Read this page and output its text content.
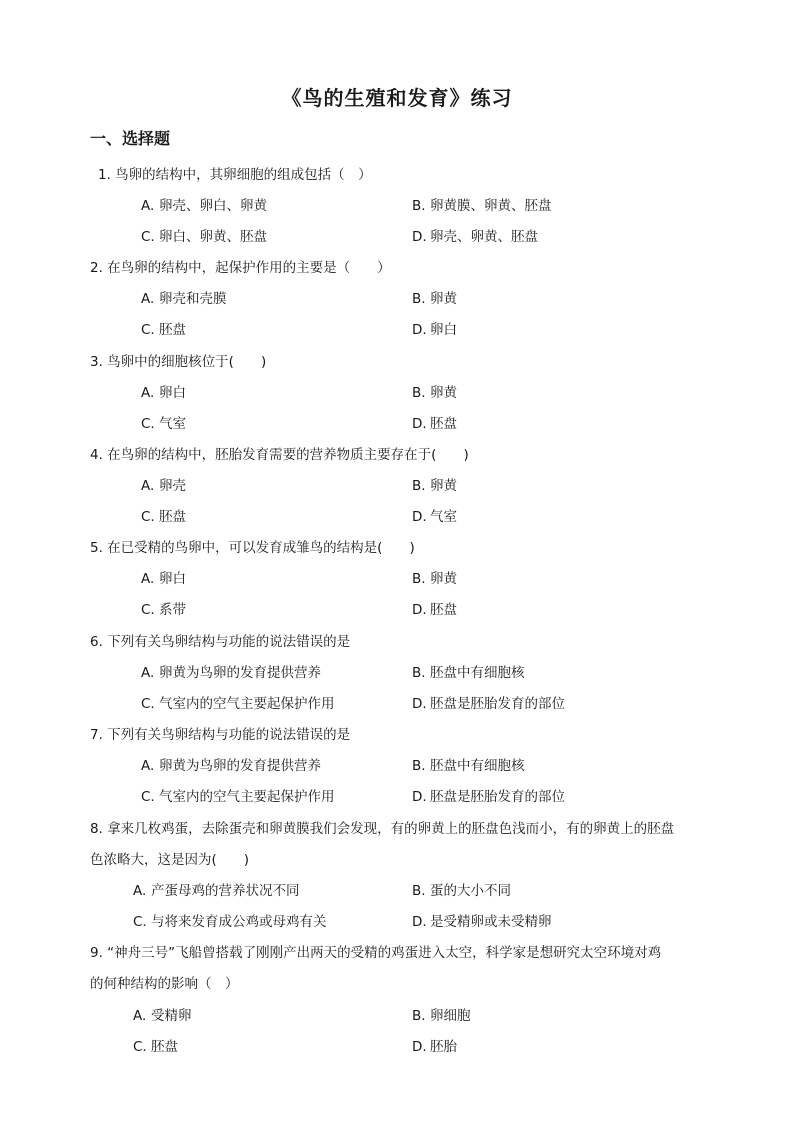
《鸟的生殖和发育》练习
一、选择题
1. 鸟卵的结构中，其卵细胞的组成包括（　）
A. 卵壳、卵白、卵黄	B. 卵黄膜、卵黄、胚盘
C. 卵白、卵黄、胚盘	D. 卵壳、卵黄、胚盘
2. 在鸟卵的结构中，起保护作用的主要是（　　）
A. 卵壳和壳膜	B. 卵黄
C. 胚盘	D. 卵白
3. 鸟卵中的细胞核位于(　　)
A. 卵白	B. 卵黄
C. 气室	D. 胚盘
4. 在鸟卵的结构中，胚胎发育需要的营养物质主要存在于(　　)
A. 卵壳	B. 卵黄
C. 胚盘	D. 气室
5. 在已受精的鸟卵中，可以发育成雏鸟的结构是(　　)
A. 卵白	B. 卵黄
C. 系带	D. 胚盘
6. 下列有关鸟卵结构与功能的说法错误的是
A. 卵黄为鸟卵的发育提供营养	B. 胚盘中有细胞核
C. 气室内的空气主要起保护作用	D. 胚盘是胚胎发育的部位
7. 下列有关鸟卵结构与功能的说法错误的是
A. 卵黄为鸟卵的发育提供营养	B. 胚盘中有细胞核
C. 气室内的空气主要起保护作用	D. 胚盘是胚胎发育的部位
8. 拿来几枚鸡蛋，去除蛋壳和卵黄膜我们会发现，有的卵黄上的胚盘色浅而小，有的卵黄上的胚盘
色浓略大，这是因为(　　)
A. 产蛋母鸡的营养状况不同	B. 蛋的大小不同
C. 与将来发育成公鸡或母鸡有关	D. 是受精卵或未受精卵
9. “神舟三号”飞船曾搭载了刚刚产出两天的受精的鸡蛋进入太空，科学家是想研究太空环境对鸡
的何种结构的影响（　）
A. 受精卵	B. 卵细胞
C. 胚盘	D. 胚胎
